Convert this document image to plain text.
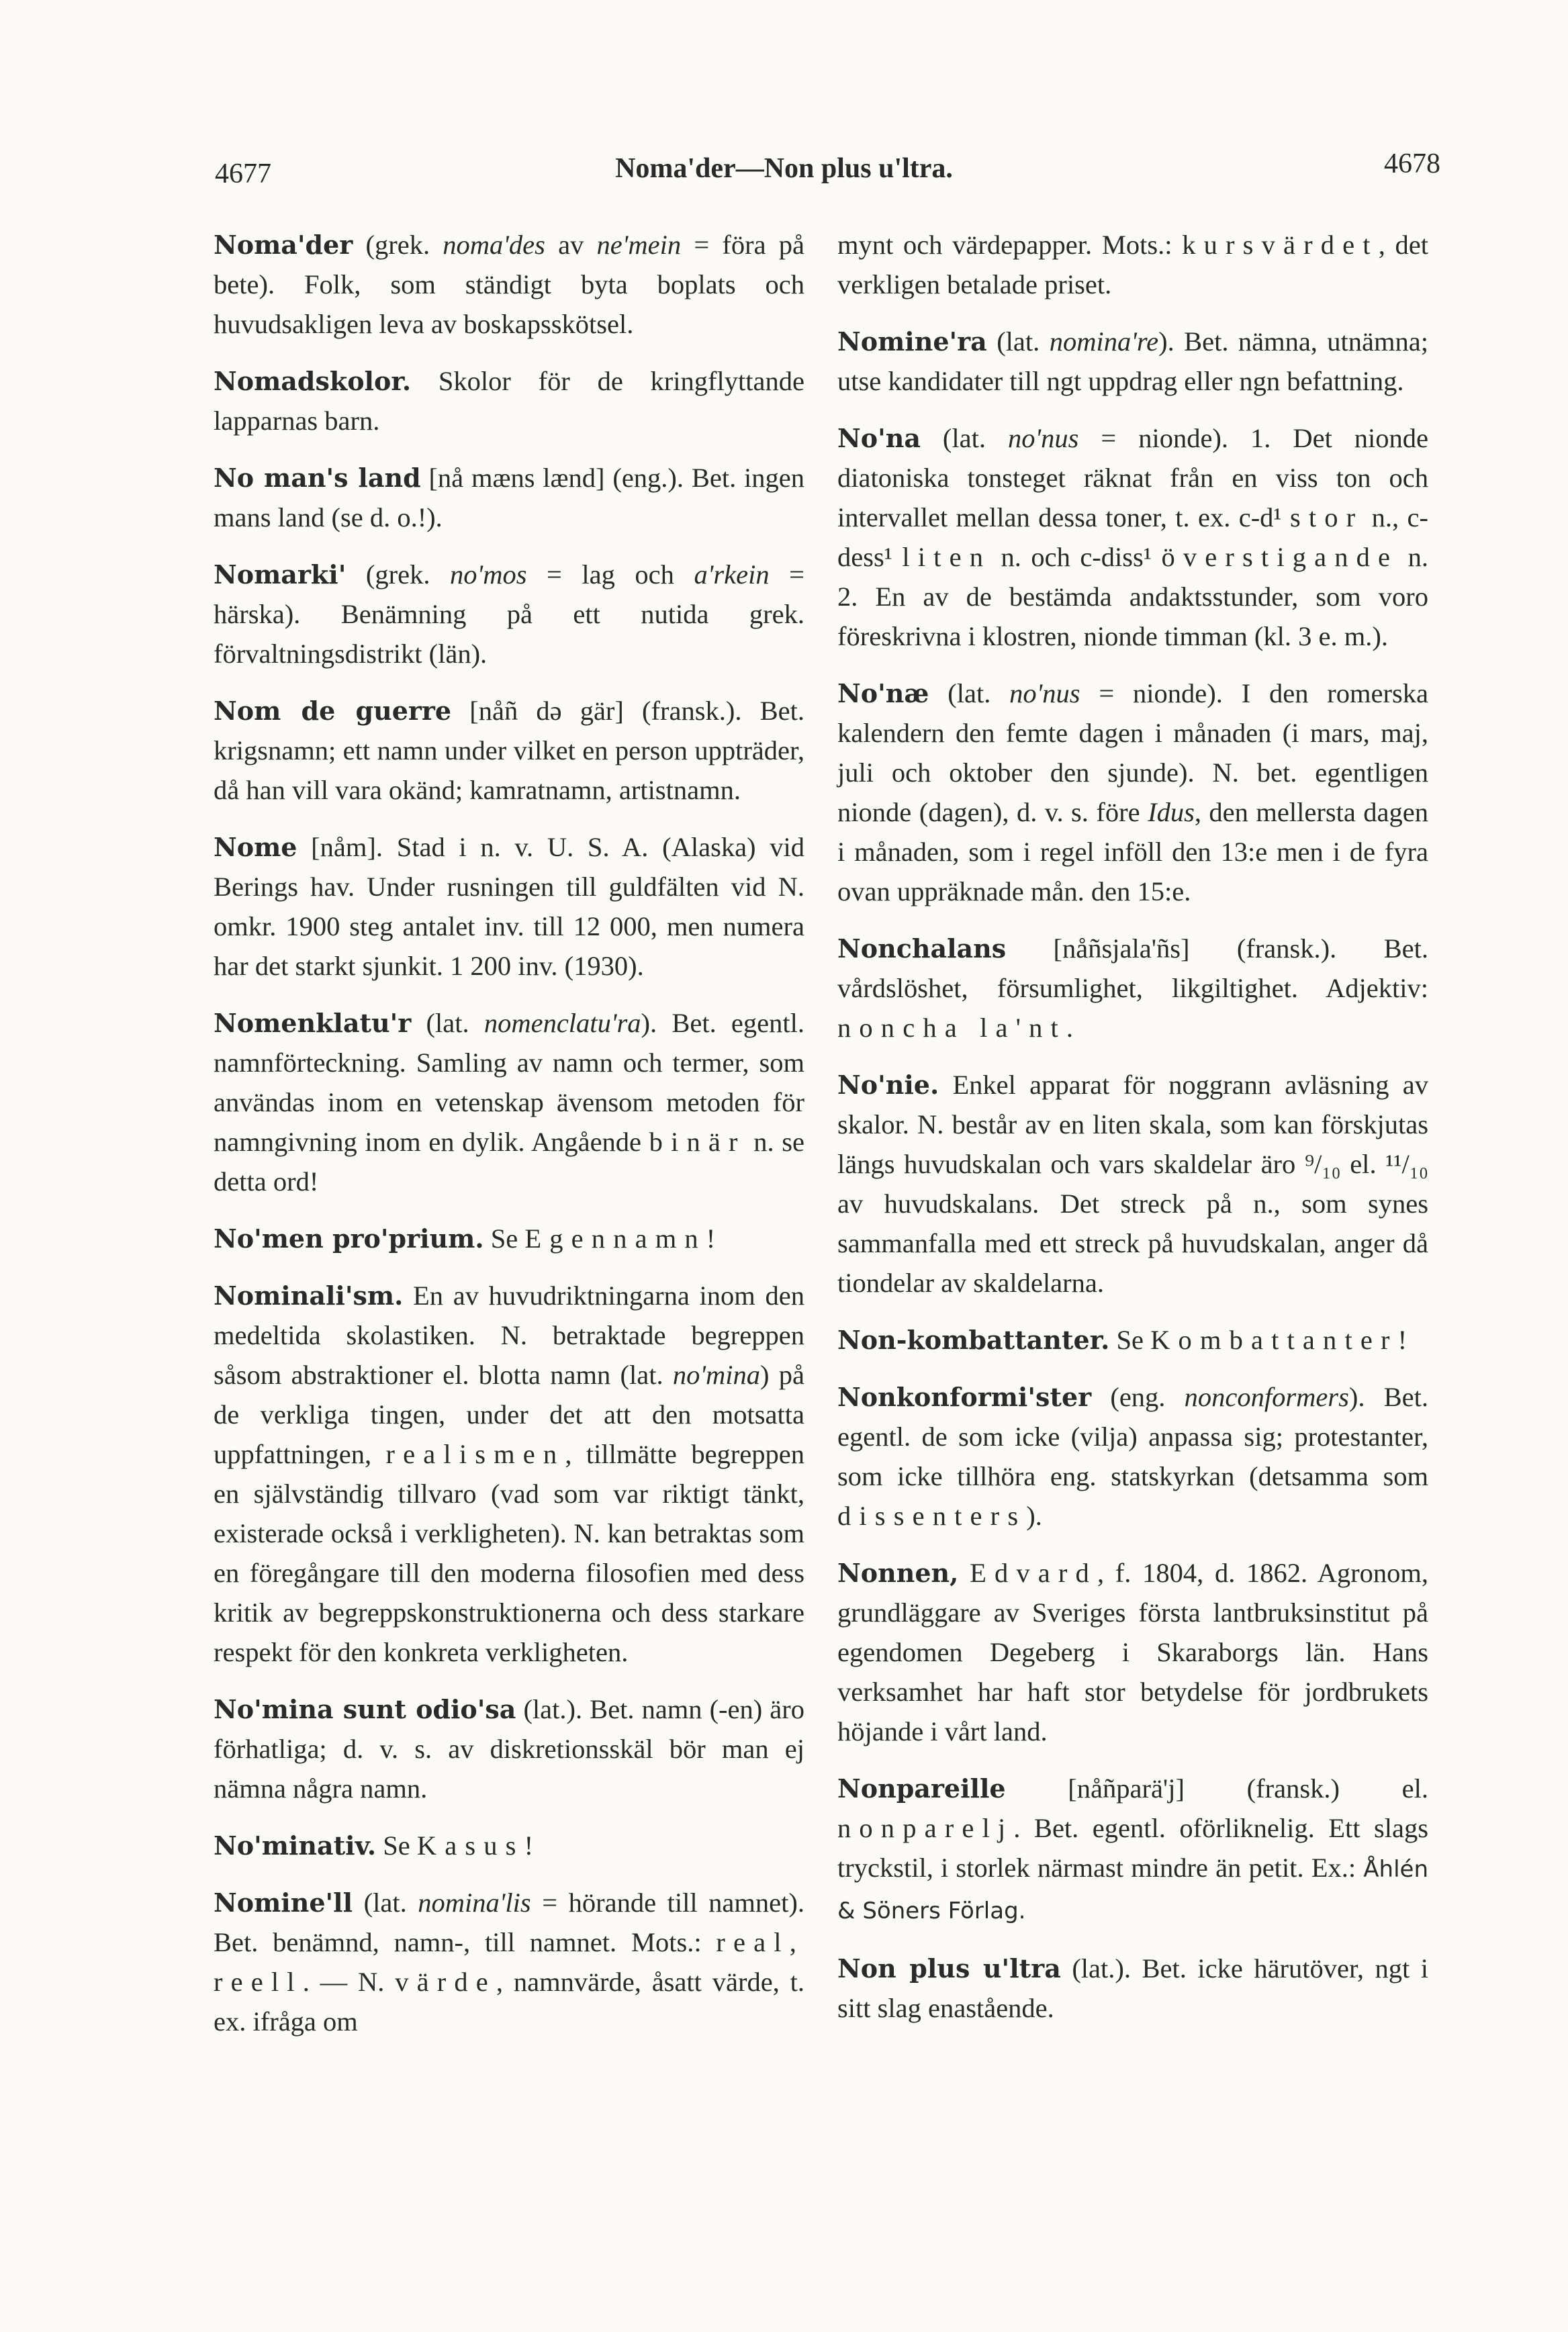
4677	Noma'der—Non plus u'ltra.	4678

Noma'der (grek. noma'des av ne'mein = föra på bete). Folk, som ständigt byta boplats och huvudsakligen leva av boskapsskötsel.

Nomadskolor. Skolor för de kringflyttande lapparnas barn.

No man's land [nå mæns lænd] (eng.). Bet. ingen mans land (se d. o.!).

Nomarki' (grek. no'mos = lag och a'rkein = härska). Benämning på ett nutida grek. förvaltningsdistrikt (län).

Nom de guerre [nåñ də gär] (fransk.). Bet. krigsnamn; ett namn under vilket en person uppträder, då han vill vara okänd; kamratnamn, artistnamn.

Nome [nåm]. Stad i n. v. U. S. A. (Alaska) vid Berings hav. Under rusningen till guldfälten vid N. omkr. 1900 steg antalet inv. till 12 000, men numera har det starkt sjunkit. 1 200 inv. (1930).

Nomenklatu'r (lat. nomenclatu'ra). Bet. egentl. namnförteckning. Samling av namn och termer, som användas inom en vetenskap ävensom metoden för namngivning inom en dylik. Angående binär n. se detta ord!

No'men pro'prium. Se Egennamn!

Nominali'sm. En av huvudriktningarna inom den medeltida skolastiken. N. betraktade begreppen såsom abstraktioner el. blotta namn (lat. no'mina) på de verkliga tingen, under det att den motsatta uppfattningen, realismen, tillmätte begreppen en självständig tillvaro (vad som var riktigt tänkt, existerade också i verkligheten). N. kan betraktas som en föregångare till den moderna filosofien med dess kritik av begreppskonstruktionerna och dess starkare respekt för den konkreta verkligheten.

No'mina sunt odio'sa (lat.). Bet. namn (-en) äro förhatliga; d. v. s. av diskretionsskäl bör man ej nämna några namn.

No'minativ. Se Kasus!

Nomine'll (lat. nomina'lis = hörande till namnet). Bet. benämnd, namn-, till namnet. Mots.: real, reell. — N. värde, namnvärde, åsatt värde, t. ex. ifråga om

mynt och värdepapper. Mots.: kursvärdet, det verkligen betalade priset.

Nomine'ra (lat. nomina're). Bet. nämna, utnämna; utse kandidater till ngt uppdrag eller ngn befattning.

No'na (lat. no'nus = nionde). 1. Det nionde diatoniska tonsteget räknat från en viss ton och intervallet mellan dessa toner, t. ex. c-d¹ stor n., c-dess¹ liten n. och c-diss¹ överstigande n. 2. En av de bestämda andaktsstunder, som voro föreskrivna i klostren, nionde timman (kl. 3 e. m.).

No'næ (lat. no'nus = nionde). I den romerska kalendern den femte dagen i månaden (i mars, maj, juli och oktober den sjunde). N. bet. egentligen nionde (dagen), d. v. s. före Idus, den mellersta dagen i månaden, som i regel inföll den 13:e men i de fyra ovan uppräknade mån. den 15:e.

Nonchalans [nåñsjala'ñs] (fransk.). Bet. vårdslöshet, försumlighet, likgiltighet. Adjektiv: noncha la'nt.

No'nie. Enkel apparat för noggrann avläsning av skalor. N. består av en liten skala, som kan förskjutas längs huvudskalan och vars skaldelar äro ⁹/₁₀ el. ¹¹/₁₀ av huvudskalans. Det streck på n., som synes sammanfalla med ett streck på huvudskalan, anger då tiondelar av skaldelarna.

Non-kombattanter. Se Kombattanter!

Nonkonformi'ster (eng. nonconformers). Bet. egentl. de som icke (vilja) anpassa sig; protestanter, som icke tillhöra eng. statskyrkan (detsamma som dissenters).

Nonnen, Edvard, f. 1804, d. 1862. Agronom, grundläggare av Sveriges första lantbruksinstitut på egendomen Degeberg i Skaraborgs län. Hans verksamhet har haft stor betydelse för jordbrukets höjande i vårt land.

Nonpareille [nåñparä'j] (fransk.) el. nonparelj. Bet. egentl. oförliknelig. Ett slags tryckstil, i storlek närmast mindre än petit. Ex.: Åhlén & Söners Förlag.

Non plus u'ltra (lat.). Bet. icke härutöver, ngt i sitt slag enastående.
